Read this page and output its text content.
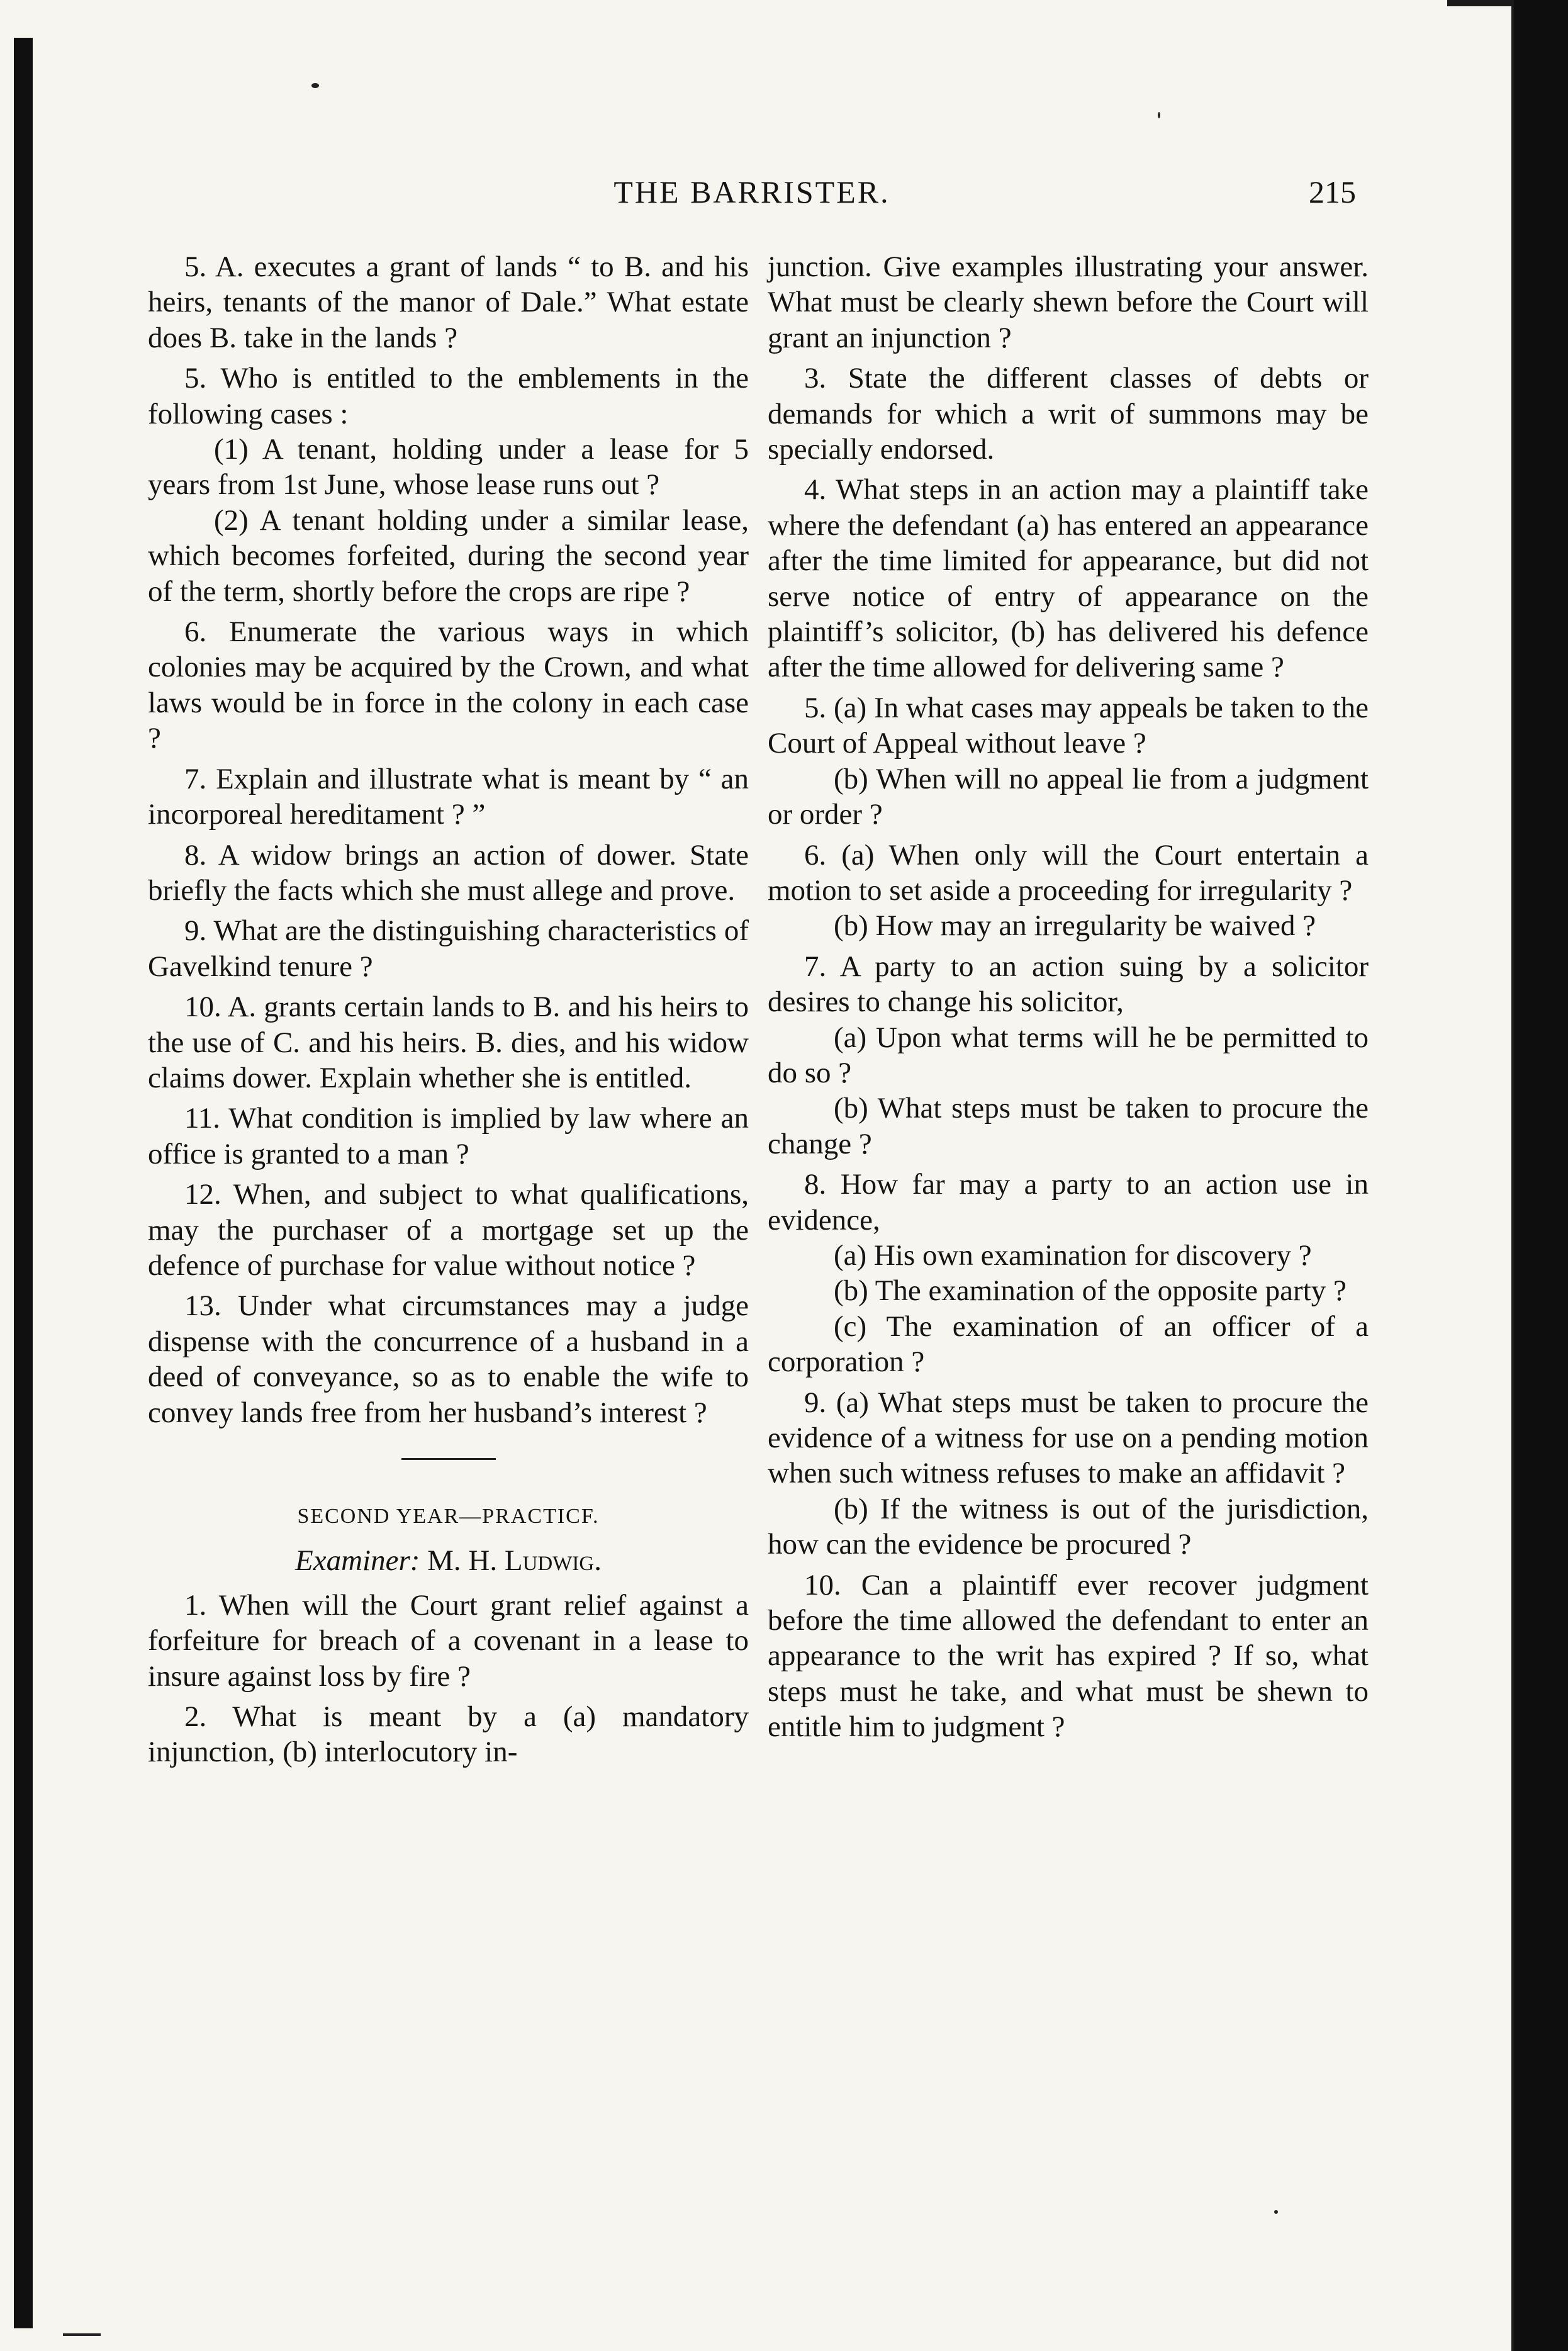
THE BARRISTER.	215

5. A. executes a grant of lands “ to B. and his heirs, tenants of the manor of Dale.” What estate does B. take in the lands ?

5. Who is entitled to the emblements in the following cases :

(1) A tenant, holding under a lease for 5 years from 1st June, whose lease runs out ?

(2) A tenant holding under a similar lease, which becomes forfeited, during the second year of the term, shortly before the crops are ripe ?

6. Enumerate the various ways in which colonies may be acquired by the Crown, and what laws would be in force in the colony in each case ?

7. Explain and illustrate what is meant by “ an incorporeal hereditament ? ”

8. A widow brings an action of dower. State briefly the facts which she must allege and prove.

9. What are the distinguishing characteristics of Gavelkind tenure ?

10. A. grants certain lands to B. and his heirs to the use of C. and his heirs. B. dies, and his widow claims dower. Explain whether she is entitled.

11. What condition is implied by law where an office is granted to a man ?

12. When, and subject to what qualifications, may the purchaser of a mortgage set up the defence of purchase for value without notice ?

13. Under what circumstances may a judge dispense with the concurrence of a husband in a deed of conveyance, so as to enable the wife to convey lands free from her husband’s interest ?

SECOND YEAR—PRACTICF.

Examiner: M. H. Ludwig.

1. When will the Court grant relief against a forfeiture for breach of a covenant in a lease to insure against loss by fire ?

2. What is meant by a (a) mandatory injunction, (b) interlocutory in-

junction. Give examples illustrating your answer. What must be clearly shewn before the Court will grant an injunction ?

3. State the different classes of debts or demands for which a writ of summons may be specially endorsed.

4. What steps in an action may a plaintiff take where the defendant (a) has entered an appearance after the time limited for appearance, but did not serve notice of entry of appearance on the plaintiff’s solicitor, (b) has delivered his defence after the time allowed for delivering same ?

5. (a) In what cases may appeals be taken to the Court of Appeal without leave ?

(b) When will no appeal lie from a judgment or order ?

6. (a) When only will the Court entertain a motion to set aside a proceeding for irregularity ?

(b) How may an irregularity be waived ?

7. A party to an action suing by a solicitor desires to change his solicitor,

(a) Upon what terms will he be permitted to do so ?

(b) What steps must be taken to procure the change ?

8. How far may a party to an action use in evidence,

(a) His own examination for discovery ?

(b) The examination of the opposite party ?

(c) The examination of an officer of a corporation ?

9. (a) What steps must be taken to procure the evidence of a witness for use on a pending motion when such witness refuses to make an affidavit ?

(b) If the witness is out of the jurisdiction, how can the evidence be procured ?

10. Can a plaintiff ever recover judgment before the time allowed the defendant to enter an appearance to the writ has expired ? If so, what steps must he take, and what must be shewn to entitle him to judgment ?
